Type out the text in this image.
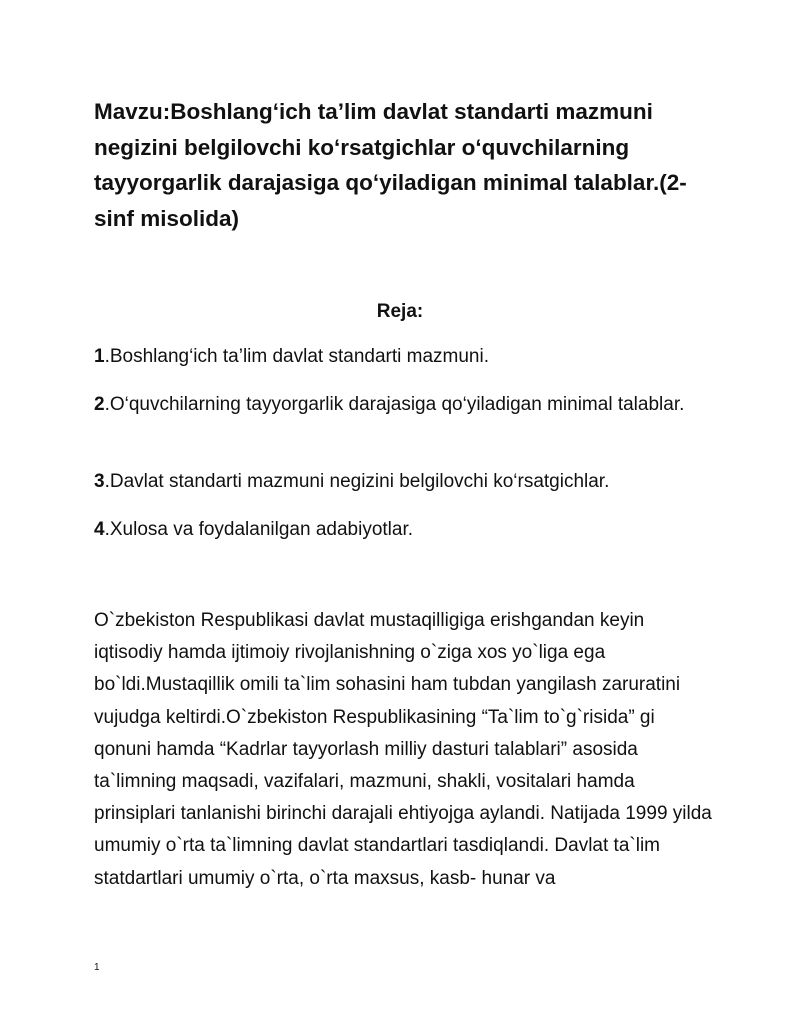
Mavzu:Boshlang‘ich ta’lim davlat standarti mazmuni negizini belgilovchi ko‘rsatgichlar o‘quvchilarning tayyorgarlik darajasiga qo‘yiladigan minimal talablar.(2-sinf misolida)

Reja:

1.Boshlang‘ich ta’lim davlat standarti mazmuni.
2.O‘quvchilarning tayyorgarlik darajasiga qo‘yiladigan minimal talablar.
3.Davlat standarti mazmuni negizini belgilovchi ko‘rsatgichlar.
4.Xulosa va foydalanilgan adabiyotlar.

O`zbekiston Respublikasi davlat mustaqilligiga erishgandan keyin iqtisodiy hamda ijtimoiy rivojlanishning o`ziga xos yo`liga ega bo`ldi.Mustaqillik omili ta`lim sohasini ham tubdan yangilash zaruratini vujudga keltirdi.O`zbekiston Respublikasining “Ta`lim to`g`risida” gi qonuni hamda “Kadrlar tayyorlash milliy dasturi talablari” asosida ta`limning maqsadi, vazifalari, mazmuni, shakli, vositalari hamda prinsiplari tanlanishi birinchi darajali ehtiyojga aylandi. Natijada 1999 yilda umumiy o`rta ta`limning davlat standartlari tasdiqlandi. Davlat ta`lim statdartlari umumiy o`rta, o`rta maxsus, kasb- hunar va

1
